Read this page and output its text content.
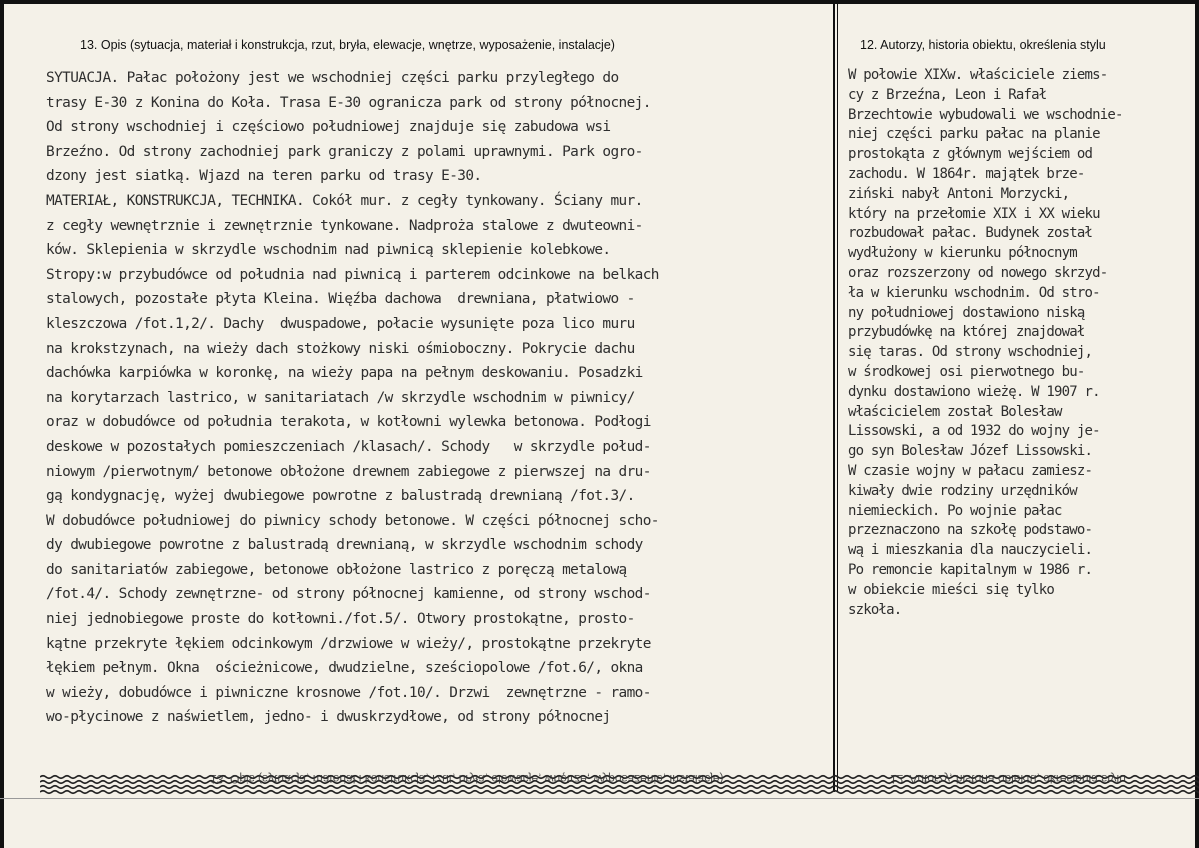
13. Opis (sytuacja, materiał i konstrukcja, rzut, bryła, elewacje, wnętrze, wyposażenie, instalacje)	12. Autorzy, historia obiektu, określenia stylu
SYTUACJA. Pałac położony jest we wschodniej części parku przyległego do
trasy E-30 z Konina do Koła. Trasa E-30 ogranicza park od strony północnej.
Od strony wschodniej i częściowo południowej znajduje się zabudowa wsi
Brzeźno. Od strony zachodniej park graniczy z polami uprawnymi. Park ogro-
dzony jest siatką. Wjazd na teren parku od trasy E-30.
MATERIAŁ, KONSTRUKCJA, TECHNIKA. Cokół mur. z cegły tynkowany. Ściany mur.
z cegły wewnętrznie i zewnętrznie tynkowane. Nadproża stalowe z dwuteowni-
ków. Sklepienia w skrzydle wschodnim nad piwnicą sklepienie kolebkowe.
Stropy:w przybudówce od południa nad piwnicą i parterem odcinkowe na belkach
stalowych, pozostałe płyta Kleina. Więźba dachowa  drewniana, płatwiowo -
kleszczowa /fot.1,2/. Dachy  dwuspadowe, połacie wysunięte poza lico muru
na krokstzynach, na wieży dach stożkowy niski ośmioboczny. Pokrycie dachu
dachówka karpiówka w koronkę, na wieży papa na pełnym deskowaniu. Posadzki
na korytarzach lastrico, w sanitariatach /w skrzydle wschodnim w piwnicy/
oraz w dobudówce od południa terakota, w kotłowni wylewka betonowa. Podłogi
deskowe w pozostałych pomieszczeniach /klasach/. Schody   w skrzydle połud-
niowym /pierwotnym/ betonowe obłożone drewnem zabiegowe z pierwszej na dru-
gą kondygnację, wyżej dwubiegowe powrotne z balustradą drewnianą /fot.3/.
W dobudówce południowej do piwnicy schody betonowe. W części północnej scho-
dy dwubiegowe powrotne z balustradą drewnianą, w skrzydle wschodnim schody
do sanitariatów zabiegowe, betonowe obłożone lastrico z poręczą metalową
/fot.4/. Schody zewnętrzne- od strony północnej kamienne, od strony wschod-
niej jednobiegowe proste do kotłowni./fot.5/. Otwory prostokątne, prosto-
kątne przekryte łękiem odcinkowym /drzwiowe w wieży/, prostokątne przekryte
łękiem pełnym. Okna  ościeżnicowe, dwudzielne, sześciopolowe /fot.6/, okna
w wieży, dobudówce i piwniczne krosnowe /fot.10/. Drzwi  zewnętrzne - ramo-
wo-płycinowe z naświetlem, jedno- i dwuskrzydłowe, od strony północnej
W połowie XIXw. właściciele ziems-
cy z Brzeźna, Leon i Rafał
Brzechtowie wybudowali we wschodnie-
niej części parku pałac na planie
prostokąta z głównym wejściem od
zachodu. W 1864r. majątek brze-
ziński nabył Antoni Morzycki,
który na przełomie XIX i XX wieku
rozbudował pałac. Budynek został
wydłużony w kierunku północnym
oraz rozszerzony od nowego skrzyd-
ła w kierunku wschodnim. Od stro-
ny południowej dostawiono niską
przybudówkę na której znajdował
się taras. Od strony wschodniej,
w środkowej osi pierwotnego bu-
dynku dostawiono wieżę. W 1907 r.
właścicielem został Bolesław
Lissowski, a od 1932 do wojny je-
go syn Bolesław Józef Lissowski.
W czasie wojny w pałacu zamiesz-
kiwały dwie rodziny urzędników
niemieckich. Po wojnie pałac
przeznaczono na szkołę podstawo-
wą i mieszkania dla nauczycieli.
Po remoncie kapitalnym w 1986 r.
w obiekcie mieści się tylko
szkoła.
13. Opis (sytuacja, materiał i konstrukcja, rzut, bryła, elewacje, wnętrze, wyposażenie, instalacje)	12. Autorzy, historia obiektu, określenia stylu
